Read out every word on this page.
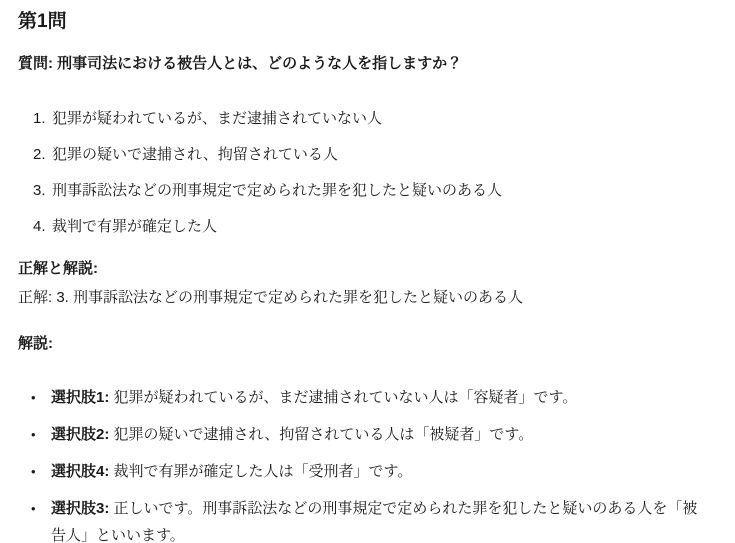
第1問
質問: 刑事司法における被告人とは、どのような人を指しますか？
1. 犯罪が疑われているが、まだ逮捕されていない人
2. 犯罪の疑いで逮捕され、拘留されている人
3. 刑事訴訟法などの刑事規定で定められた罪を犯したと疑いのある人
4. 裁判で有罪が確定した人
正解と解説:
正解: 3. 刑事訴訟法などの刑事規定で定められた罪を犯したと疑いのある人
解説:
•	選択肢1: 犯罪が疑われているが、まだ逮捕されていない人は「容疑者」です。
•	選択肢2: 犯罪の疑いで逮捕され、拘留されている人は「被疑者」です。
•	選択肢4: 裁判で有罪が確定した人は「受刑者」です。
•	選択肢3: 正しいです。刑事訴訟法などの刑事規定で定められた罪を犯したと疑いのある人を「被告人」といいます。
